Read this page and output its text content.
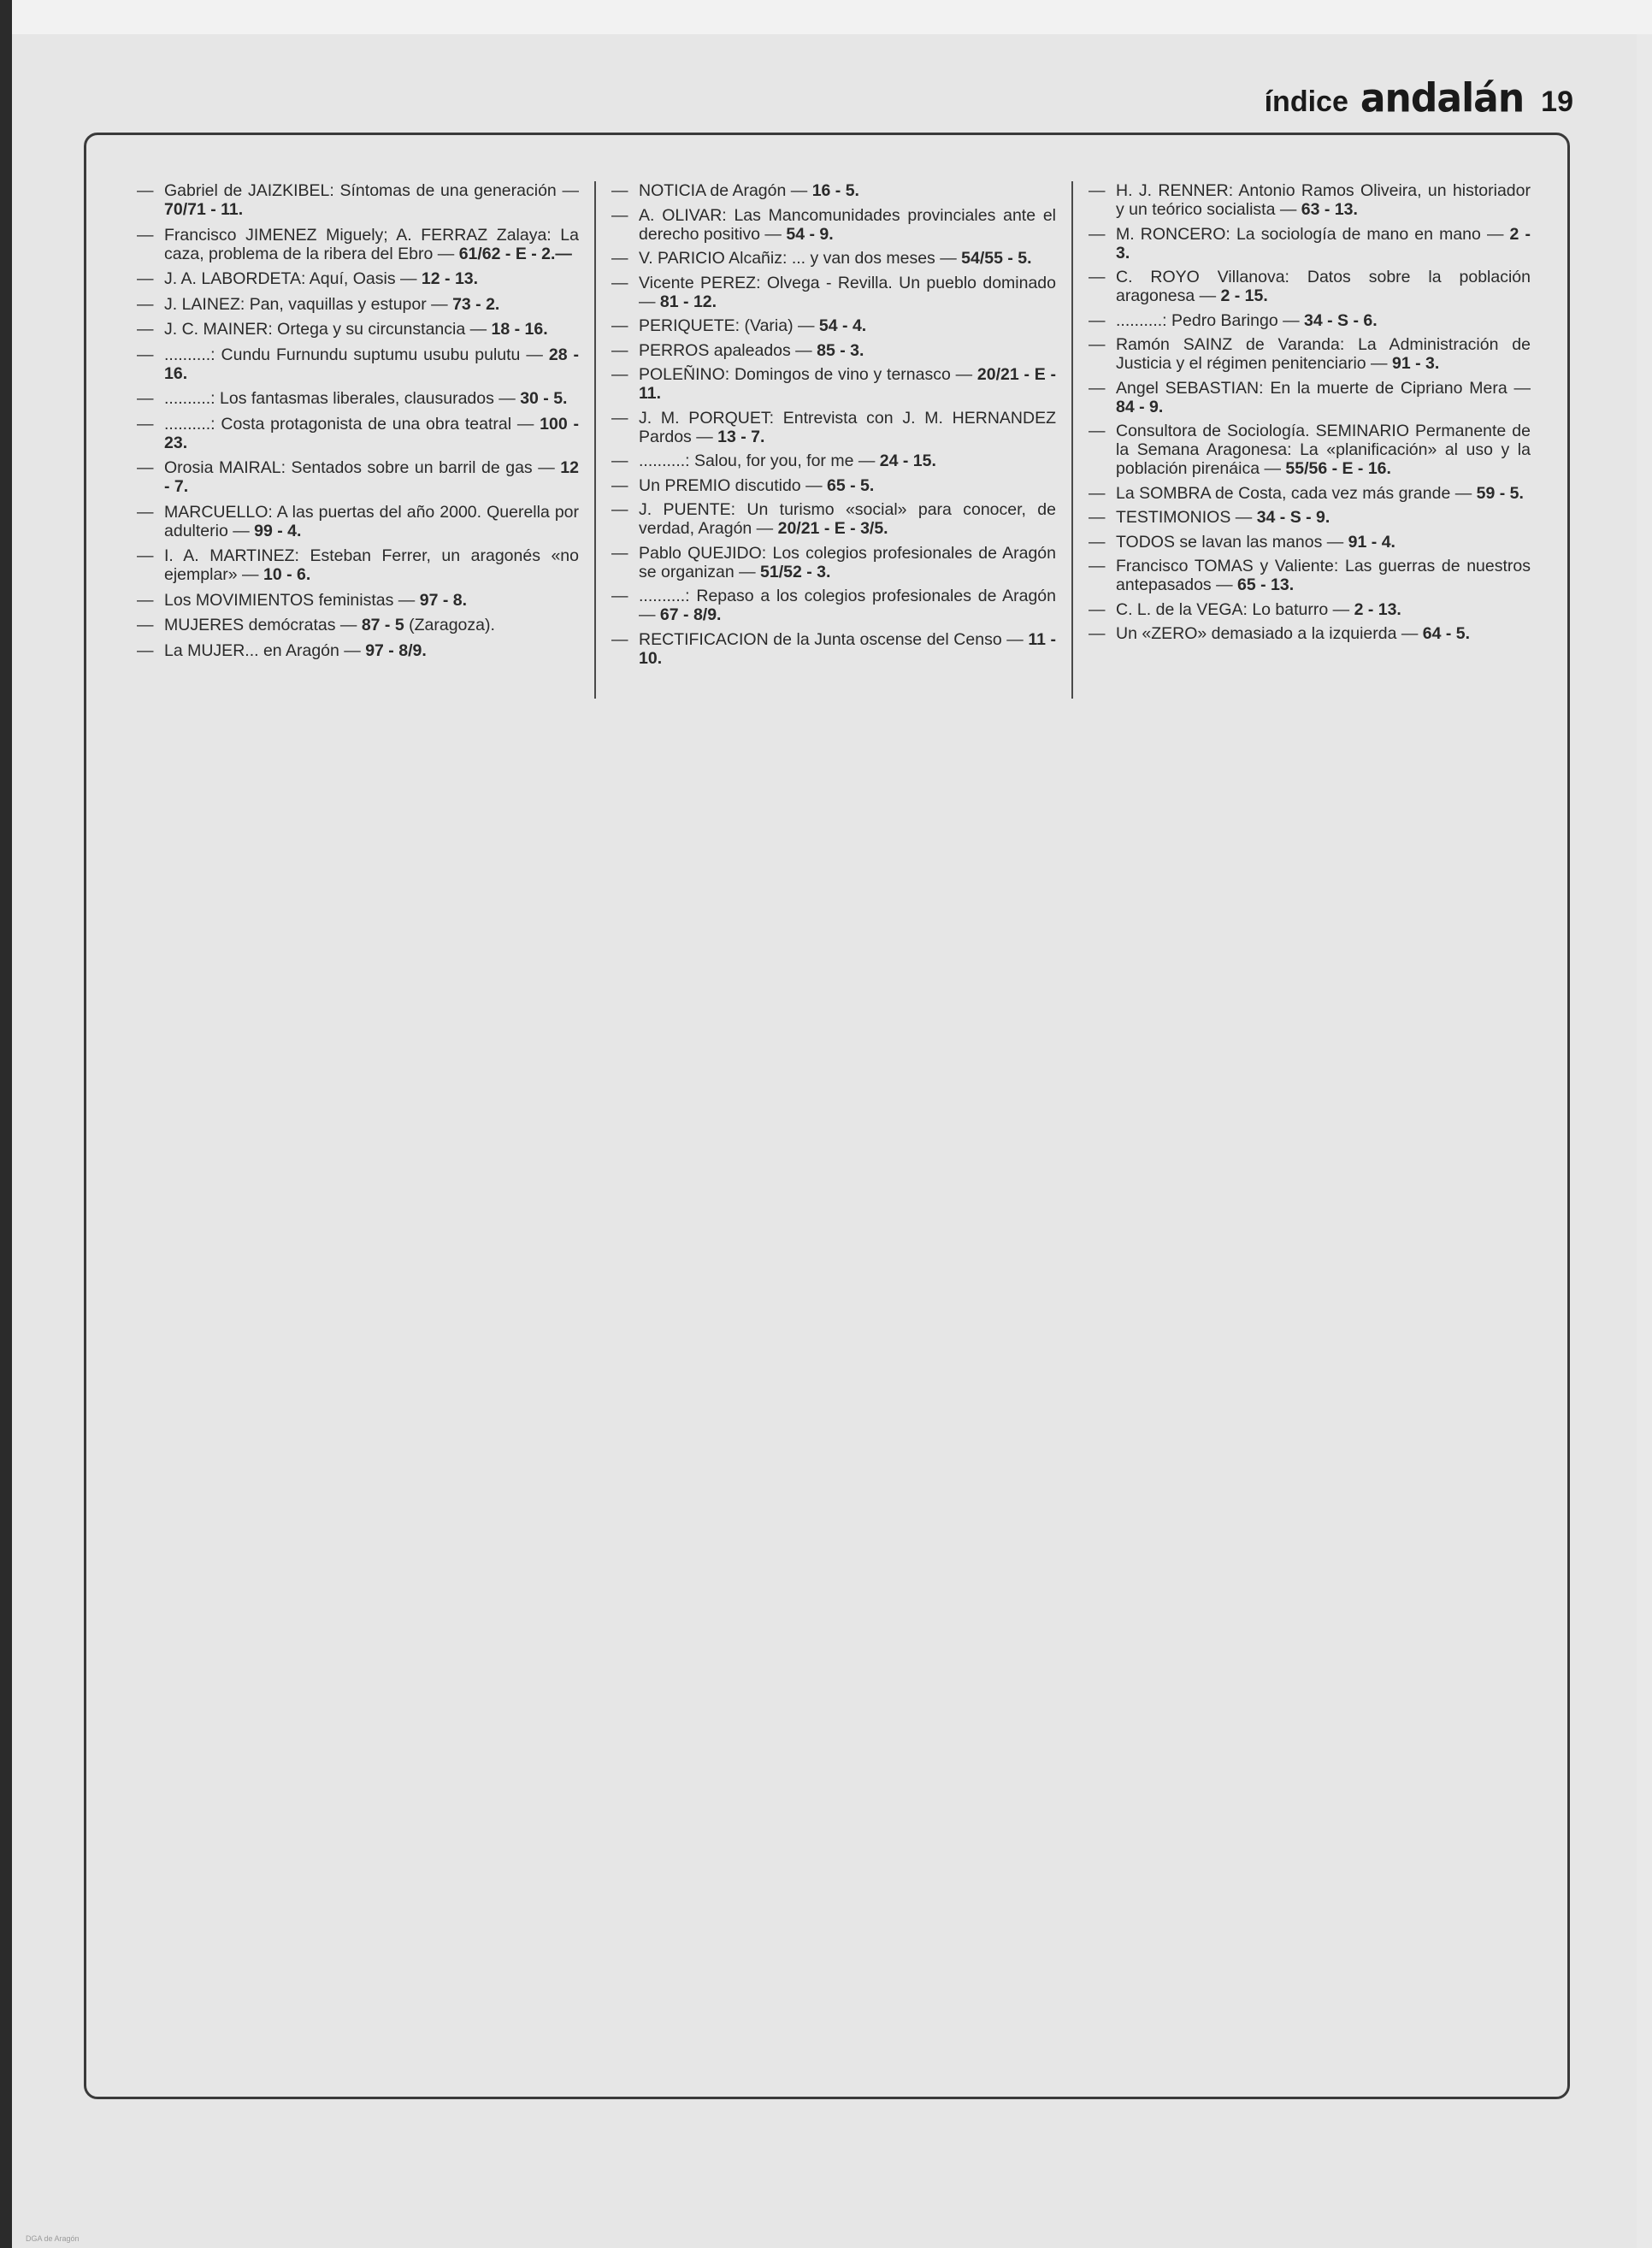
índice andalán 19

— Gabriel de JAIZKIBEL: Síntomas de una generación — 70/71 - 11.

— Francisco JIMENEZ Miguely; A. FERRAZ Zalaya: La caza, problema de la ribera del Ebro — 61/62 - E - 2.—

— J. A. LABORDETA: Aquí, Oasis — 12 - 13.

— J. LAINEZ: Pan, vaquillas y estupor — 73 - 2.

— J. C. MAINER: Ortega y su circunstancia — 18 - 16.

— ..........: Cundu Furnundu suptumu usubu pulutu — 28 - 16.

— ..........: Los fantasmas liberales, clausurados — 30 - 5.

— ..........: Costa protagonista de una obra teatral — 100 - 23.

— Orosia MAIRAL: Sentados sobre un barril de gas — 12 - 7.

— MARCUELLO: A las puertas del año 2000. Querella por adulterio — 99 - 4.

— I. A. MARTINEZ: Esteban Ferrer, un aragonés «no ejemplar» — 10 - 6.

— Los MOVIMIENTOS feministas — 97 - 8.

— MUJERES demócratas — 87 - 5 (Zaragoza).

— La MUJER... en Aragón — 97 - 8/9.

— NOTICIA de Aragón — 16 - 5.

— A. OLIVAR: Las Mancomunidades provinciales ante el derecho positivo — 54 - 9.

— V. PARICIO Alcañiz: ... y van dos meses — 54/55 - 5.

— Vicente PEREZ: Olvega - Revilla. Un pueblo dominado — 81 - 12.

— PERIQUETE: (Varia) — 54 - 4.

— PERROS apaleados — 85 - 3.

— POLEÑINO: Domingos de vino y ternasco — 20/21 - E - 11.

— J. M. PORQUET: Entrevista con J. M. HERNANDEZ Pardos — 13 - 7.

— ..........: Salou, for you, for me — 24 - 15.

— Un PREMIO discutido — 65 - 5.

— J. PUENTE: Un turismo «social» para conocer, de verdad, Aragón — 20/21 - E - 3/5.

— Pablo QUEJIDO: Los colegios profesionales de Aragón se organizan — 51/52 - 3.

— ..........: Repaso a los colegios profesionales de Aragón — 67 - 8/9.

— RECTIFICACION de la Junta oscense del Censo — 11 - 10.

— H. J. RENNER: Antonio Ramos Oliveira, un historiador y un teórico socialista — 63 - 13.

— M. RONCERO: La sociología de mano en mano — 2 - 3.

— C. ROYO Villanova: Datos sobre la población aragonesa — 2 - 15.

— ..........: Pedro Baringo — 34 - S - 6.

— Ramón SAINZ de Varanda: La Administración de Justicia y el régimen penitenciario — 91 - 3.

— Angel SEBASTIAN: En la muerte de Cipriano Mera — 84 - 9.

— Consultora de Sociología. SEMINARIO Permanente de la Semana Aragonesa: La «planificación» al uso y la población pirenáica — 55/56 - E - 16.

— La SOMBRA de Costa, cada vez más grande — 59 - 5.

— TESTIMONIOS — 34 - S - 9.

— TODOS se lavan las manos — 91 - 4.

— Francisco TOMAS y Valiente: Las guerras de nuestros antepasados — 65 - 13.

— C. L. de la VEGA: Lo baturro — 2 - 13.

— Un «ZERO» demasiado a la izquierda — 64 - 5.

DGA de Aragón
